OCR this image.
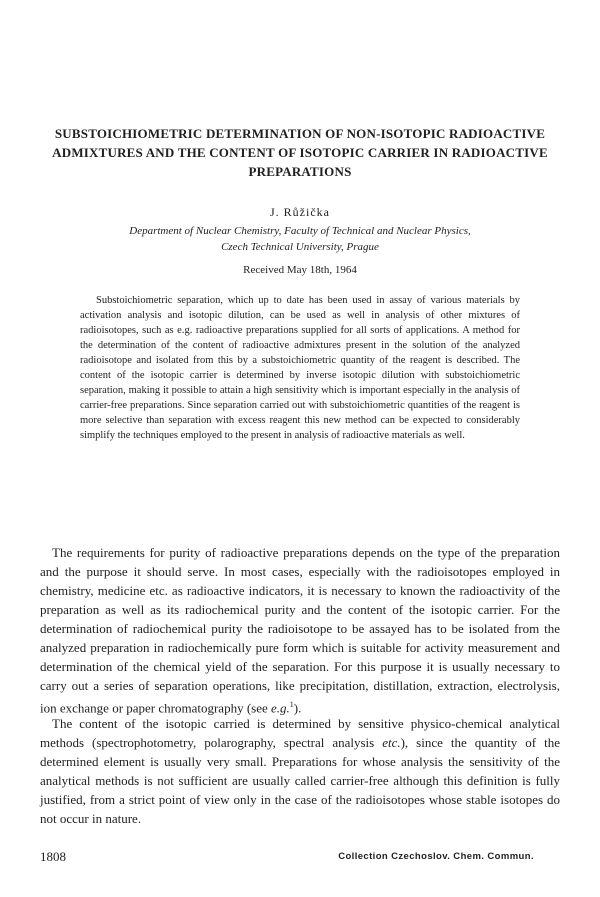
SUBSTOICHIOMETRIC DETERMINATION OF NON-ISOTOPIC RADIOACTIVE ADMIXTURES AND THE CONTENT OF ISOTOPIC CARRIER IN RADIOACTIVE PREPARATIONS
J. Růžička
Department of Nuclear Chemistry, Faculty of Technical and Nuclear Physics,
Czech Technical University, Prague
Received May 18th, 1964

Substoichiometric separation, which up to date has been used in assay of various materials by activation analysis and isotopic dilution, can be used as well in analysis of other mixtures of radioisotopes, such as e.g. radioactive preparations supplied for all sorts of applications. A method for the determination of the content of radioactive admixtures present in the solution of the analyzed radioisotope and isolated from this by a substoichiometric quantity of the reagent is described. The content of the isotopic carrier is determined by inverse isotopic dilution with substoichiometric separation, making it possible to attain a high sensitivity which is important especially in the analysis of carrier-free preparations. Since separation carried out with substoichiometric quantities of the reagent is more selective than separation with excess reagent this new method can be expected to considerably simplify the techniques employed to the present in analysis of radioactive materials as well.

The requirements for purity of radioactive preparations depends on the type of the preparation and the purpose it should serve. In most cases, especially with the radioisotopes employed in chemistry, medicine etc. as radioactive indicators, it is necessary to known the radioactivity of the preparation as well as its radiochemical purity and the content of the isotopic carrier. For the determination of radiochemical purity the radioisotope to be assayed has to be isolated from the analyzed preparation in radiochemically pure form which is suitable for activity measurement and determination of the chemical yield of the separation. For this purpose it is usually necessary to carry out a series of separation operations, like precipitation, distillation, extraction, electrolysis, ion exchange or paper chromatography (see e.g.$^1$).

The content of the isotopic carried is determined by sensitive physico-chemical analytical methods (spectrophotometry, polarography, spectral analysis etc.), since the quantity of the determined element is usually very small. Preparations for whose analysis the sensitivity of the analytical methods is not sufficient are usually called carrier-free although this definition is fully justified, from a strict point of view only in the case of the radioisotopes whose stable isotopes do not occur in nature.

1808	Collection Czechoslov. Chem. Commun.
